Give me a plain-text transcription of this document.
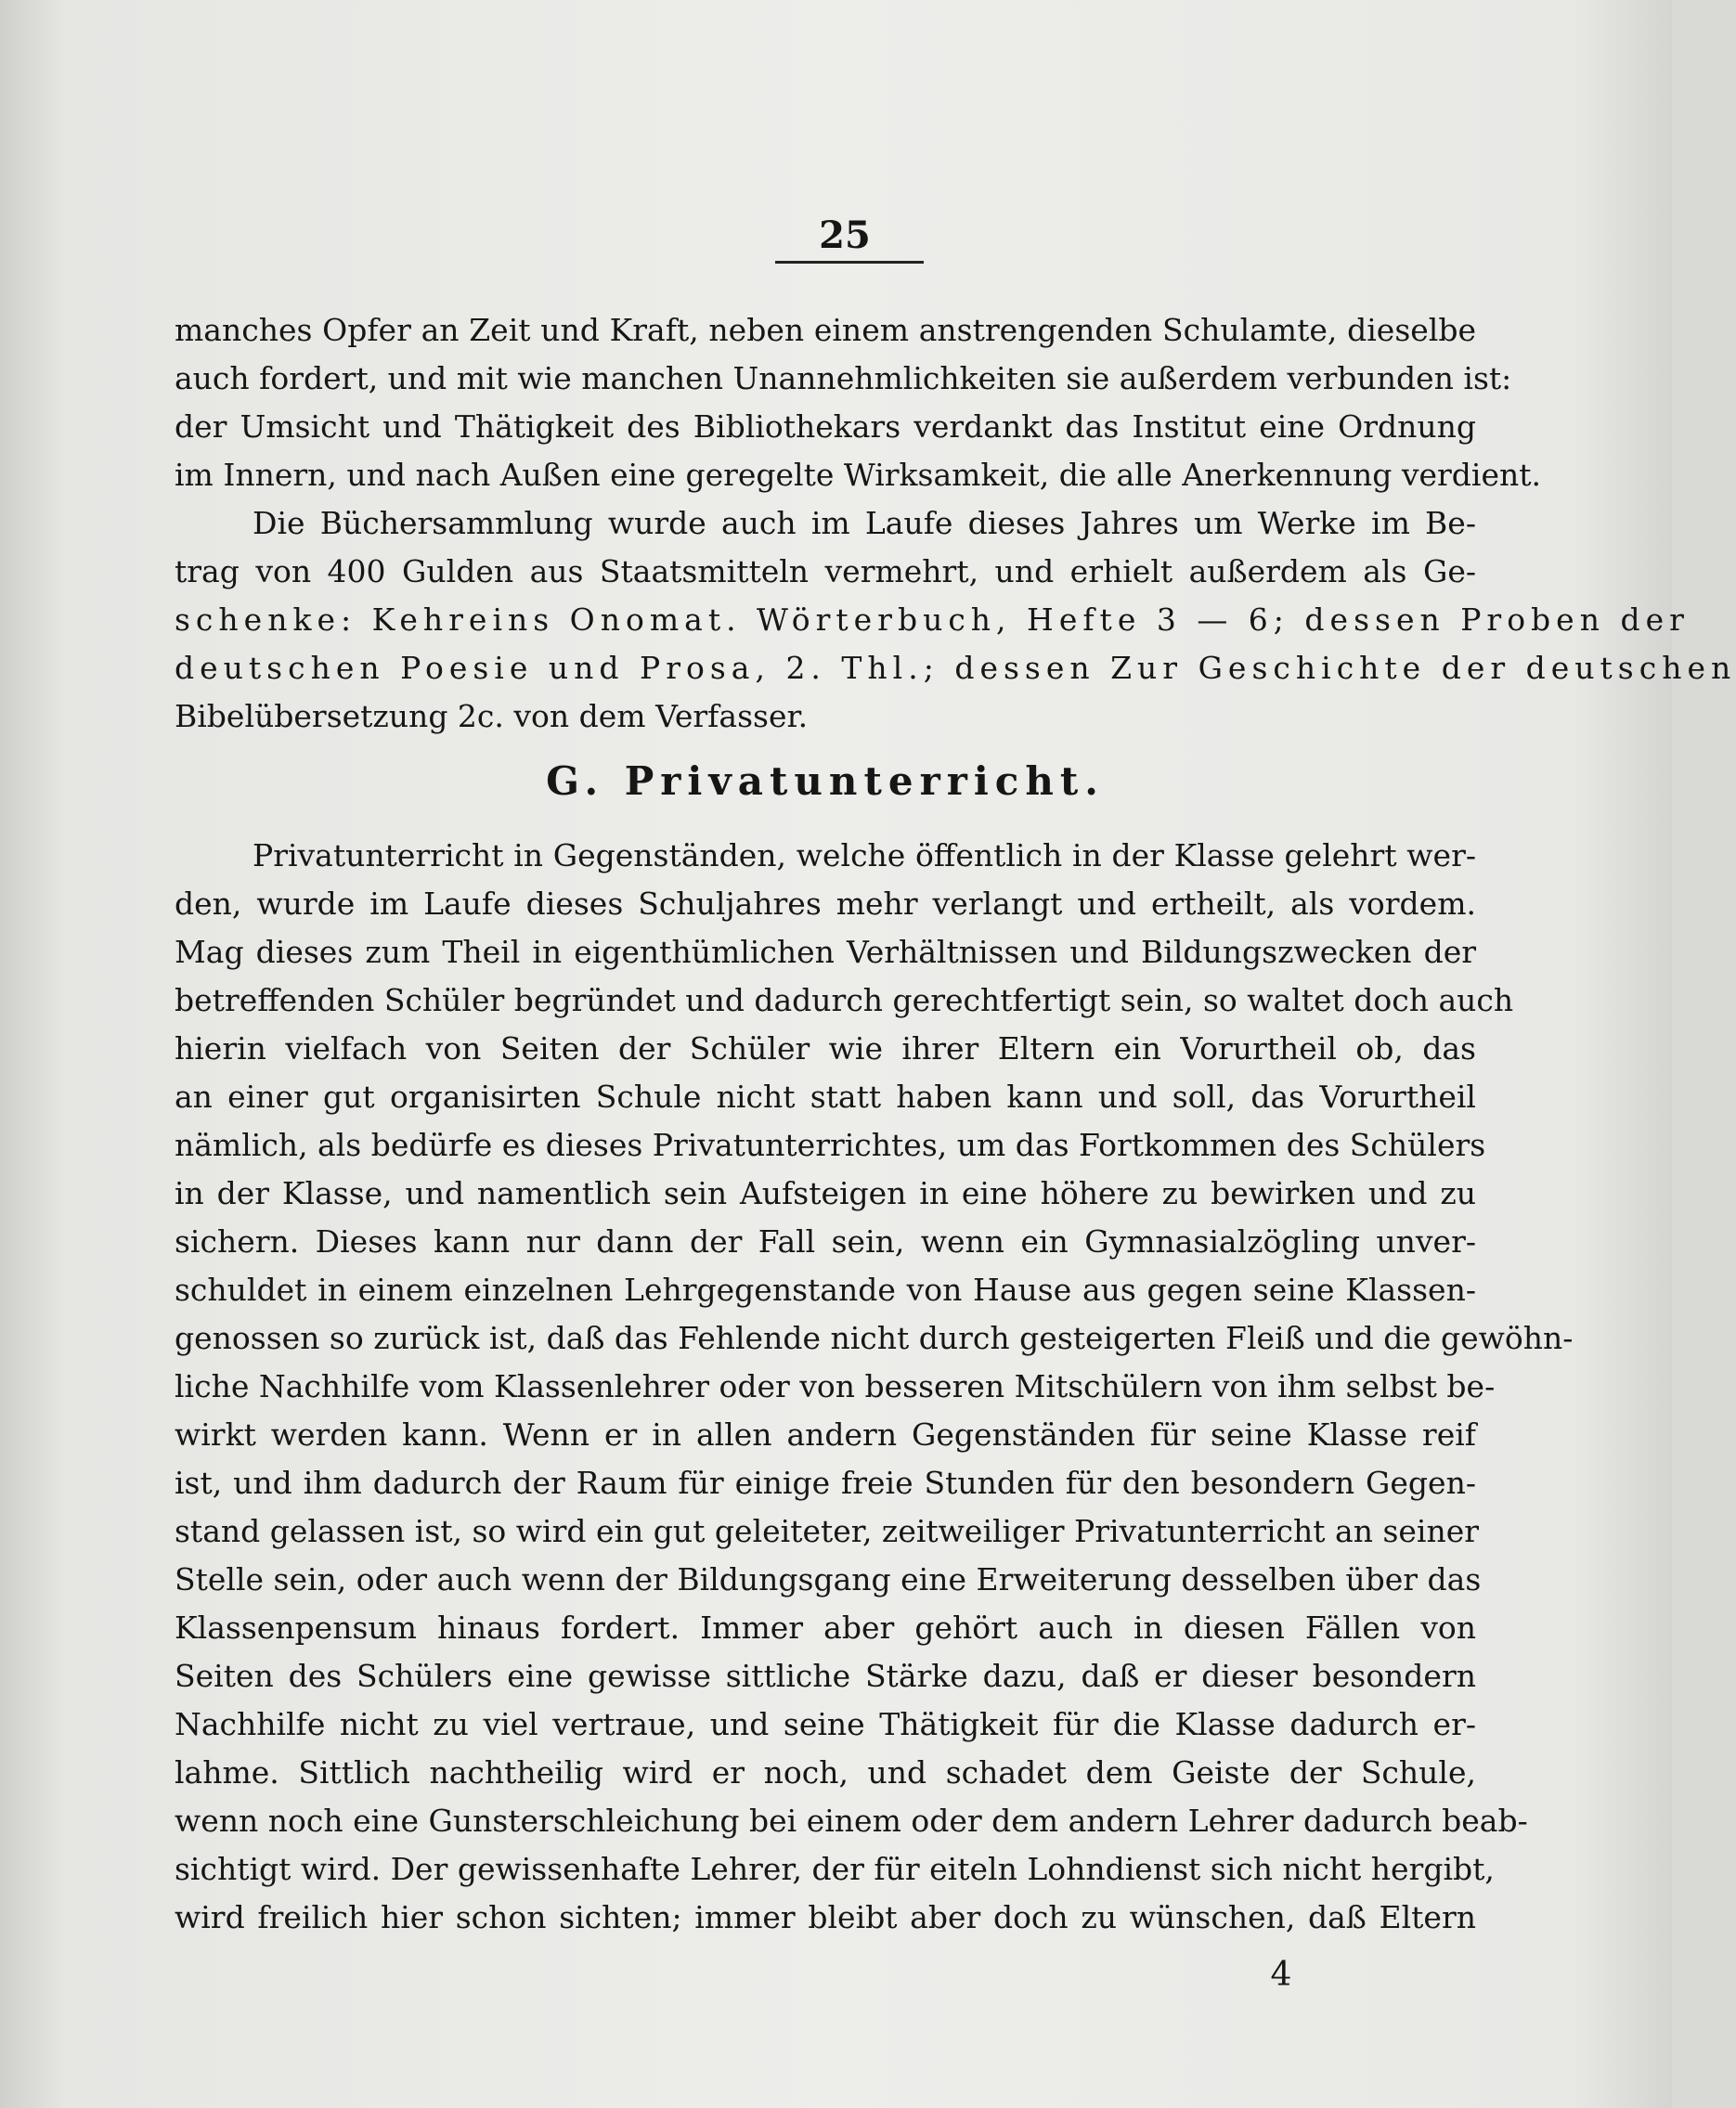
25
manches Opfer an Zeit und Kraft, neben einem anstrengenden Schulamte, dieselbe
auch fordert, und mit wie manchen Unannehmlichkeiten sie außerdem verbunden ist:
der Umsicht und Thätigkeit des Bibliothekars verdankt das Institut eine Ordnung
im Innern, und nach Außen eine geregelte Wirksamkeit, die alle Anerkennung verdient.
Die Büchersammlung wurde auch im Laufe dieses Jahres um Werke im Be-
trag von 400 Gulden aus Staatsmitteln vermehrt, und erhielt außerdem als Ge-
schenke: Kehreins Onomat. Wörterbuch, Hefte 3 — 6; dessen Proben der
deutschen Poesie und Prosa, 2. Thl.; dessen Zur Geschichte der deutschen
Bibelübersetzung 2c. von dem Verfasser.
G. Privatunterricht.
Privatunterricht in Gegenständen, welche öffentlich in der Klasse gelehrt wer-
den, wurde im Laufe dieses Schuljahres mehr verlangt und ertheilt, als vordem.
Mag dieses zum Theil in eigenthümlichen Verhältnissen und Bildungszwecken der
betreffenden Schüler begründet und dadurch gerechtfertigt sein, so waltet doch auch
hierin vielfach von Seiten der Schüler wie ihrer Eltern ein Vorurtheil ob, das
an einer gut organisirten Schule nicht statt haben kann und soll, das Vorurtheil
nämlich, als bedürfe es dieses Privatunterrichtes, um das Fortkommen des Schülers
in der Klasse, und namentlich sein Aufsteigen in eine höhere zu bewirken und zu
sichern. Dieses kann nur dann der Fall sein, wenn ein Gymnasialzögling unver-
schuldet in einem einzelnen Lehrgegenstande von Hause aus gegen seine Klassen-
genossen so zurück ist, daß das Fehlende nicht durch gesteigerten Fleiß und die gewöhn-
liche Nachhilfe vom Klassenlehrer oder von besseren Mitschülern von ihm selbst be-
wirkt werden kann. Wenn er in allen andern Gegenständen für seine Klasse reif
ist, und ihm dadurch der Raum für einige freie Stunden für den besondern Gegen-
stand gelassen ist, so wird ein gut geleiteter, zeitweiliger Privatunterricht an seiner
Stelle sein, oder auch wenn der Bildungsgang eine Erweiterung desselben über das
Klassenpensum hinaus fordert. Immer aber gehört auch in diesen Fällen von
Seiten des Schülers eine gewisse sittliche Stärke dazu, daß er dieser besondern
Nachhilfe nicht zu viel vertraue, und seine Thätigkeit für die Klasse dadurch er-
lahme. Sittlich nachtheilig wird er noch, und schadet dem Geiste der Schule,
wenn noch eine Gunsterschleichung bei einem oder dem andern Lehrer dadurch beab-
sichtigt wird. Der gewissenhafte Lehrer, der für eiteln Lohndienst sich nicht hergibt,
wird freilich hier schon sichten; immer bleibt aber doch zu wünschen, daß Eltern
4
